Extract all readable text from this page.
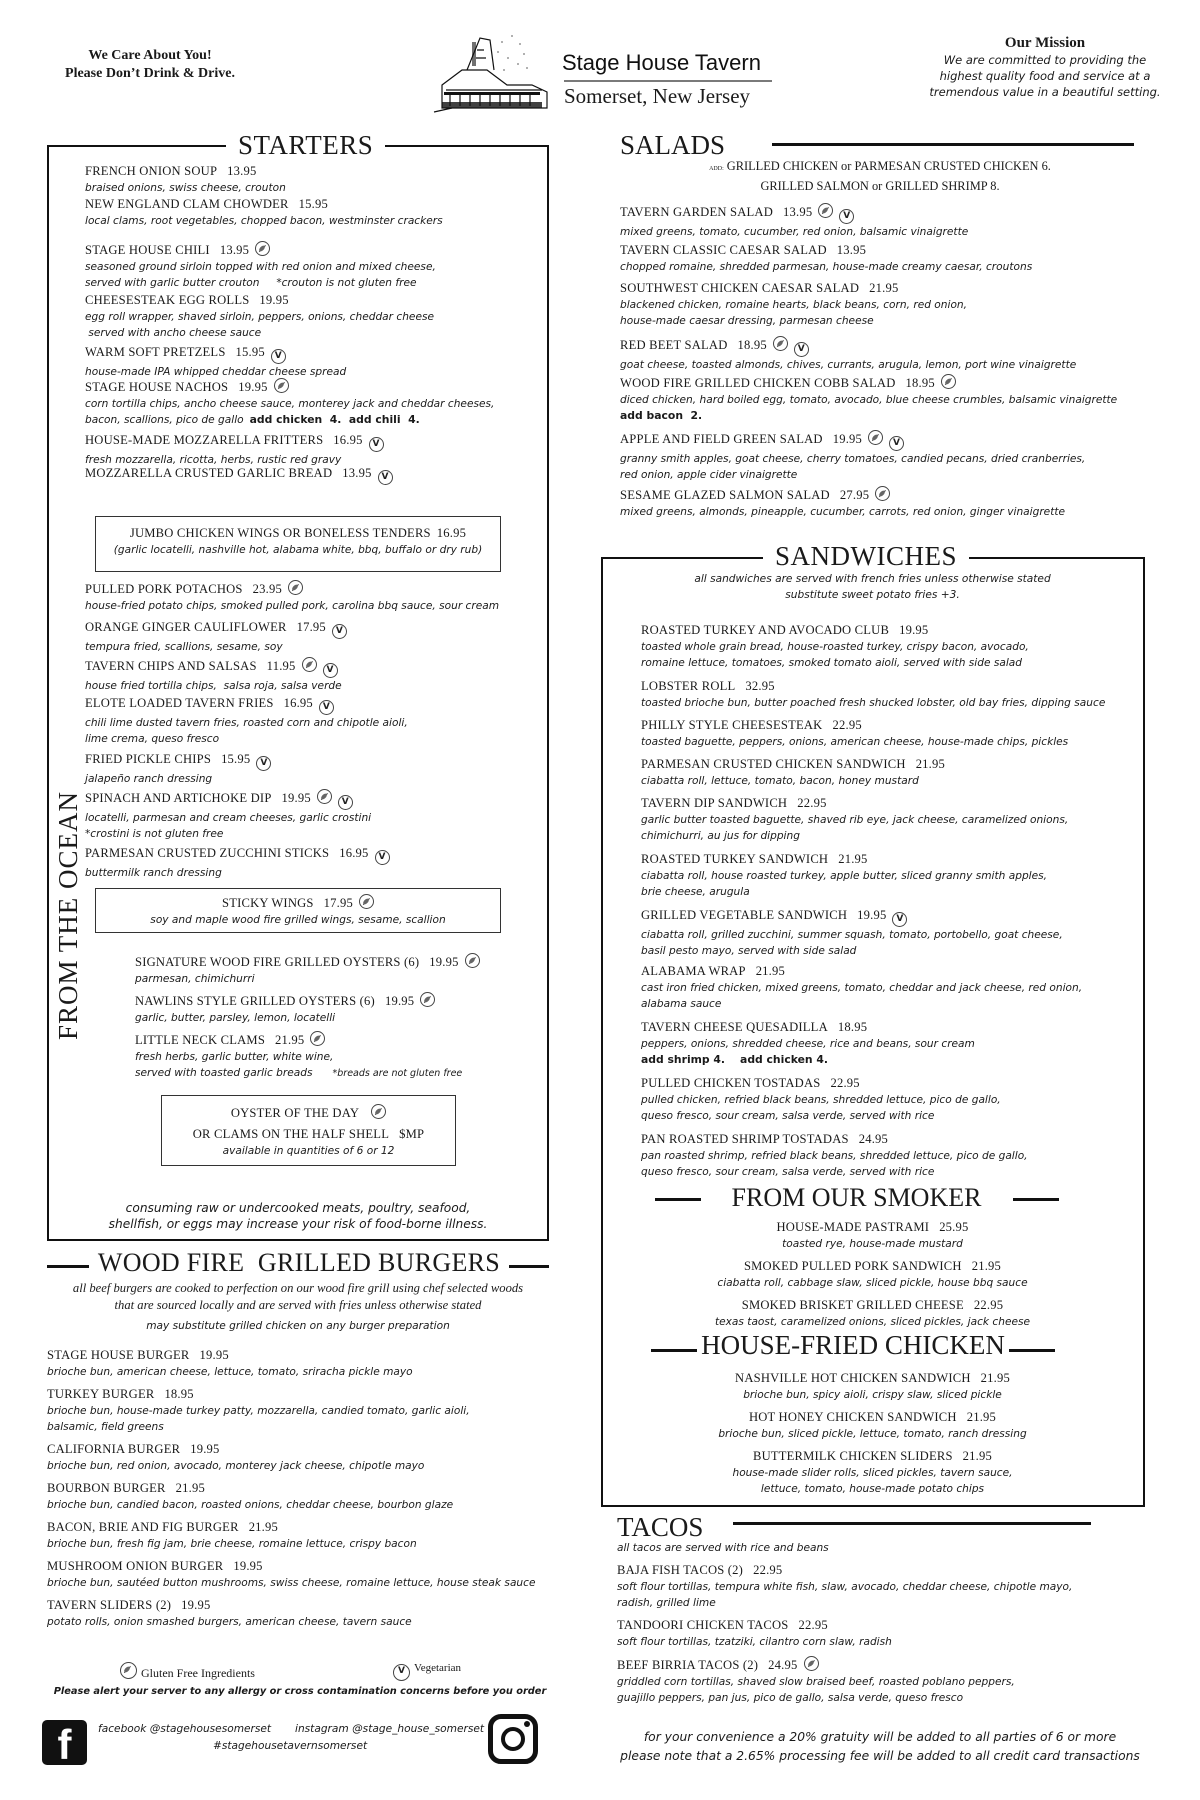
We Care About You!
Please Don’t Drink & Drive.	Stage House Tavern
Somerset, New Jersey
Our Mission
We are committed to providing the
highest quality food and service at a
tremendous value in a beautiful setting.
STARTERS
FRENCH ONION SOUP 13.95
braised onions, swiss cheese, crouton
NEW ENGLAND CLAM CHOWDER 15.95
local clams, root vegetables, chopped bacon, westminster crackers
STAGE HOUSE CHILI 13.95
seasoned ground sirloin topped with red onion and mixed cheese,
served with garlic butter crouton     *crouton is not gluten free
CHEESESTEAK EGG ROLLS 19.95
egg roll wrapper, shaved sirloin, peppers, onions, cheddar cheese
served with ancho cheese sauce
WARM SOFT PRETZELS 15.95 V
house-made IPA whipped cheddar cheese spread
STAGE HOUSE NACHOS 19.95
corn tortilla chips, ancho cheese sauce, monterey jack and cheddar cheeses,
bacon, scallions, pico de gallo add chicken  4.  add chili  4.
HOUSE-MADE MOZZARELLA FRITTERS 16.95 V
fresh mozzarella, ricotta, herbs, rustic red gravy
MOZZARELLA CRUSTED GARLIC BREAD 13.95 V
JUMBO CHICKEN WINGS OR BONELESS TENDERS 16.95
(garlic locatelli, nashville hot, alabama white, bbq, buffalo or dry rub)
PULLED PORK POTACHOS 23.95
house-fried potato chips, smoked pulled pork, carolina bbq sauce, sour cream
ORANGE GINGER CAULIFLOWER 17.95 V
tempura fried, scallions, sesame, soy
TAVERN CHIPS AND SALSAS 11.95	V
house fried tortilla chips,  salsa roja, salsa verde
ELOTE LOADED TAVERN FRIES 16.95 V
chili lime dusted tavern fries, roasted corn and chipotle aioli,
lime crema, queso fresco
FRIED PICKLE CHIPS 15.95 V
jalapeño ranch dressing
SPINACH AND ARTICHOKE DIP 19.95	V
locatelli, parmesan and cream cheeses, garlic crostini
*crostini is not gluten free
PARMESAN CRUSTED ZUCCHINI STICKS 16.95 V
buttermilk ranch dressing
STICKY WINGS 17.95
soy and maple wood fire grilled wings, sesame, scallion
FROM THE OCEAN	SIGNATURE WOOD FIRE GRILLED OYSTERS (6) 19.95
parmesan, chimichurri
NAWLINS STYLE GRILLED OYSTERS (6) 19.95
garlic, butter, parsley, lemon, locatelli
LITTLE NECK CLAMS 21.95
fresh herbs, garlic butter, white wine,
served with toasted garlic breads *breads are not gluten free
OYSTER OF THE DAY
OR CLAMS ON THE HALF SHELL $MP
available in quantities of 6 or 12
consuming raw or undercooked meats, poultry, seafood,
shellfish, or eggs may increase your risk of food-borne illness.
WOOD FIRE  GRILLED BURGERS
all beef burgers are cooked to perfection on our wood fire grill using chef selected woods
that are sourced locally and are served with fries unless otherwise stated
may substitute grilled chicken on any burger preparation
STAGE HOUSE BURGER 19.95
brioche bun, american cheese, lettuce, tomato, sriracha pickle mayo
TURKEY BURGER 18.95
brioche bun, house-made turkey patty, mozzarella, candied tomato, garlic aioli,
balsamic, field greens
CALIFORNIA BURGER 19.95
brioche bun, red onion, avocado, monterey jack cheese, chipotle mayo
BOURBON BURGER 21.95
brioche bun, candied bacon, roasted onions, cheddar cheese, bourbon glaze
BACON, BRIE AND FIG BURGER 21.95
brioche bun, fresh fig jam, brie cheese, romaine lettuce, crispy bacon
MUSHROOM ONION BURGER 19.95
brioche bun, sautéed button mushrooms, swiss cheese, romaine lettuce, house steak sauce
TAVERN SLIDERS (2) 19.95
potato rolls, onion smashed burgers, american cheese, tavern sauce
Gluten Free Ingredients	V Vegetarian
Please alert your server to any allergy or cross contamination concerns before you order
f	facebook @stagehousesomerset instagram @stage_house_somerset
#stagehousetavernsomerset
SALADS
ADD: GRILLED CHICKEN or PARMESAN CRUSTED CHICKEN 6.
GRILLED SALMON or GRILLED SHRIMP 8.
TAVERN GARDEN SALAD 13.95	V
mixed greens, tomato, cucumber, red onion, balsamic vinaigrette
TAVERN CLASSIC CAESAR SALAD 13.95
chopped romaine, shredded parmesan, house-made creamy caesar, croutons
SOUTHWEST CHICKEN CAESAR SALAD 21.95
blackened chicken, romaine hearts, black beans, corn, red onion,
house-made caesar dressing, parmesan cheese
RED BEET SALAD 18.95	V
goat cheese, toasted almonds, chives, currants, arugula, lemon, port wine vinaigrette
WOOD FIRE GRILLED CHICKEN COBB SALAD 18.95
diced chicken, hard boiled egg, tomato, avocado, blue cheese crumbles, balsamic vinaigrette
add bacon  2.
APPLE AND FIELD GREEN SALAD 19.95	V
granny smith apples, goat cheese, cherry tomatoes, candied pecans, dried cranberries,
red onion, apple cider vinaigrette
SESAME GLAZED SALMON SALAD 27.95
mixed greens, almonds, pineapple, cucumber, carrots, red onion, ginger vinaigrette
SANDWICHES
all sandwiches are served with french fries unless otherwise stated
substitute sweet potato fries +3.
ROASTED TURKEY AND AVOCADO CLUB 19.95
toasted whole grain bread, house-roasted turkey, crispy bacon, avocado,
romaine lettuce, tomatoes, smoked tomato aioli, served with side salad
LOBSTER ROLL 32.95
toasted brioche bun, butter poached fresh shucked lobster, old bay fries, dipping sauce
PHILLY STYLE CHEESESTEAK 22.95
toasted baguette, peppers, onions, american cheese, house-made chips, pickles
PARMESAN CRUSTED CHICKEN SANDWICH 21.95
ciabatta roll, lettuce, tomato, bacon, honey mustard
TAVERN DIP SANDWICH 22.95
garlic butter toasted baguette, shaved rib eye, jack cheese, caramelized onions,
chimichurri, au jus for dipping
ROASTED TURKEY SANDWICH 21.95
ciabatta roll, house roasted turkey, apple butter, sliced granny smith apples,
brie cheese, arugula
GRILLED VEGETABLE SANDWICH 19.95 V
ciabatta roll, grilled zucchini, summer squash, tomato, portobello, goat cheese,
basil pesto mayo, served with side salad
ALABAMA WRAP 21.95
cast iron fried chicken, mixed greens, tomato, cheddar and jack cheese, red onion,
alabama sauce
TAVERN CHEESE QUESADILLA 18.95
peppers, onions, shredded cheese, rice and beans, sour cream
add shrimp 4.    add chicken 4.
PULLED CHICKEN TOSTADAS 22.95
pulled chicken, refried black beans, shredded lettuce, pico de gallo,
queso fresco, sour cream, salsa verde, served with rice
PAN ROASTED SHRIMP TOSTADAS 24.95
pan roasted shrimp, refried black beans, shredded lettuce, pico de gallo,
queso fresco, sour cream, salsa verde, served with rice
FROM OUR SMOKER
HOUSE-MADE PASTRAMI 25.95
toasted rye, house-made mustard
SMOKED PULLED PORK SANDWICH 21.95
ciabatta roll, cabbage slaw, sliced pickle, house bbq sauce
SMOKED BRISKET GRILLED CHEESE 22.95
texas taost, caramelized onions, sliced pickles, jack cheese
HOUSE-FRIED CHICKEN
NASHVILLE HOT CHICKEN SANDWICH 21.95
brioche bun, spicy aioli, crispy slaw, sliced pickle
HOT HONEY CHICKEN SANDWICH 21.95
brioche bun, sliced pickle, lettuce, tomato, ranch dressing
BUTTERMILK CHICKEN SLIDERS 21.95
house-made slider rolls, sliced pickles, tavern sauce,
lettuce, tomato, house-made potato chips
TACOS
all tacos are served with rice and beans
BAJA FISH TACOS (2) 22.95
soft flour tortillas, tempura white fish, slaw, avocado, cheddar cheese, chipotle mayo,
radish, grilled lime
TANDOORI CHICKEN TACOS 22.95
soft flour tortillas, tzatziki, cilantro corn slaw, radish
BEEF BIRRIA TACOS (2) 24.95
griddled corn tortillas, shaved slow braised beef, roasted poblano peppers,
guajillo peppers, pan jus, pico de gallo, salsa verde, queso fresco
for your convenience a 20% gratuity will be added to all parties of 6 or more
please note that a 2.65% processing fee will be added to all credit card transactions
